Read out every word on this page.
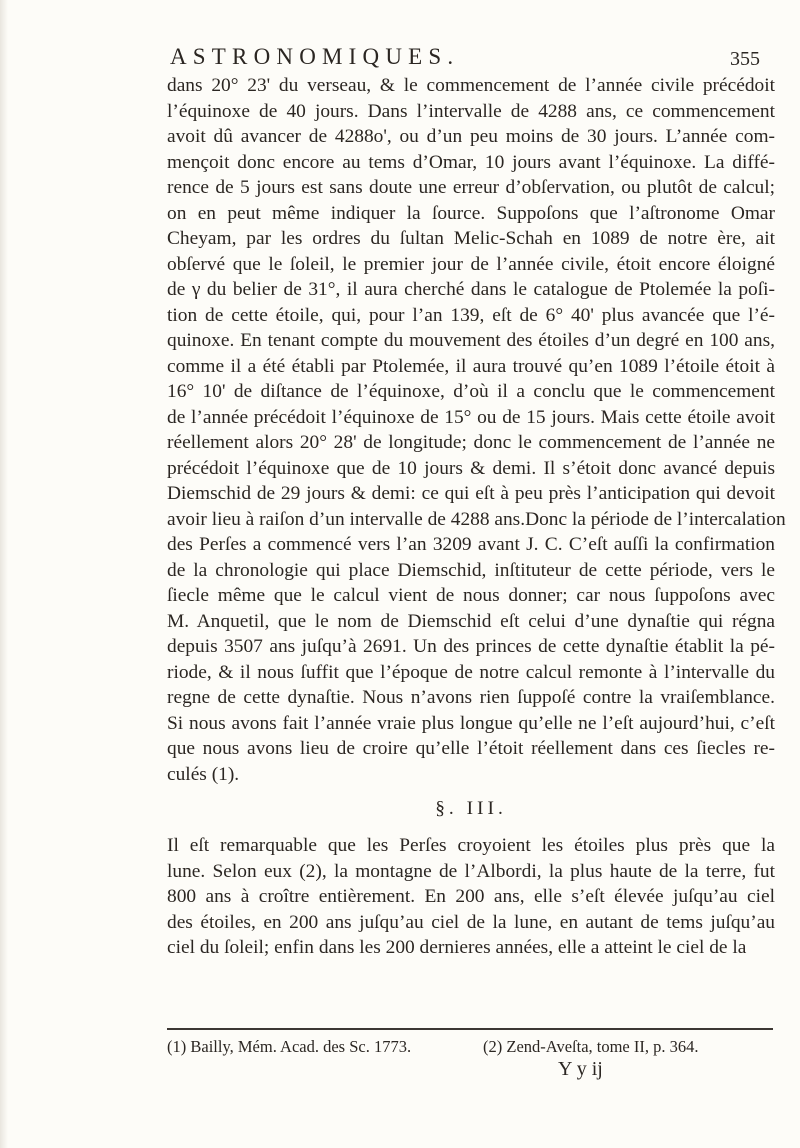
ASTRONOMIQUES.	355
dans 20° 23' du verseau, & le commencement de l’année civile précédoit
l’équinoxe de 40 jours. Dans l’intervalle de 4288 ans, ce commencement
avoit dû avancer de 4288o', ou d’un peu moins de 30 jours. L’année com-
mençoit donc encore au tems d’Omar, 10 jours avant l’équinoxe. La diffé-
rence de 5 jours est sans doute une erreur d’obſervation, ou plutôt de calcul;
on en peut même indiquer la ſource. Suppoſons que l’aſtronome Omar
Cheyam, par les ordres du ſultan Melic-Schah en 1089 de notre ère, ait
obſervé que le ſoleil, le premier jour de l’année civile, étoit encore éloigné
de γ du belier de 31°, il aura cherché dans le catalogue de Ptolemée la poſi-
tion de cette étoile, qui, pour l’an 139, eſt de 6° 40' plus avancée que l’é-
quinoxe. En tenant compte du mouvement des étoiles d’un degré en 100 ans,
comme il a été établi par Ptolemée, il aura trouvé qu’en 1089 l’étoile étoit à
16° 10' de diſtance de l’équinoxe, d’où il a conclu que le commencement
de l’année précédoit l’équinoxe de 15° ou de 15 jours. Mais cette étoile avoit
réellement alors 20° 28' de longitude; donc le commencement de l’année ne
précédoit l’équinoxe que de 10 jours & demi. Il s’étoit donc avancé depuis
Diemschid de 29 jours & demi: ce qui eſt à peu près l’anticipation qui devoit
avoir lieu à raiſon d’un intervalle de 4288 ans.Donc la période de l’intercalation
des Perſes a commencé vers l’an 3209 avant J. C. C’eſt auſſi la confirmation
de la chronologie qui place Diemschid, inſtituteur de cette période, vers le
ſiecle même que le calcul vient de nous donner; car nous ſuppoſons avec
M. Anquetil, que le nom de Diemschid eſt celui d’une dynaſtie qui régna
depuis 3507 ans juſqu’à 2691. Un des princes de cette dynaſtie établit la pé-
riode, & il nous ſuffit que l’époque de notre calcul remonte à l’intervalle du
regne de cette dynaſtie. Nous n’avons rien ſuppoſé contre la vraiſemblance.
Si nous avons fait l’année vraie plus longue qu’elle ne l’eſt aujourd’hui, c’eſt
que nous avons lieu de croire qu’elle l’étoit réellement dans ces ſiecles re-
culés (1).
§. III.
Il eſt remarquable que les Perſes croyoient les étoiles plus près que la
lune. Selon eux (2), la montagne de l’Albordi, la plus haute de la terre, fut
800 ans à croître entièrement. En 200 ans, elle s’eſt élevée juſqu’au ciel
des étoiles, en 200 ans juſqu’au ciel de la lune, en autant de tems juſqu’au
ciel du ſoleil; enfin dans les 200 dernieres années, elle a atteint le ciel de la
(1) Bailly, Mém. Acad. des Sc. 1773.	(2) Zend-Aveſta, tome II, p. 364.
Y y ij
